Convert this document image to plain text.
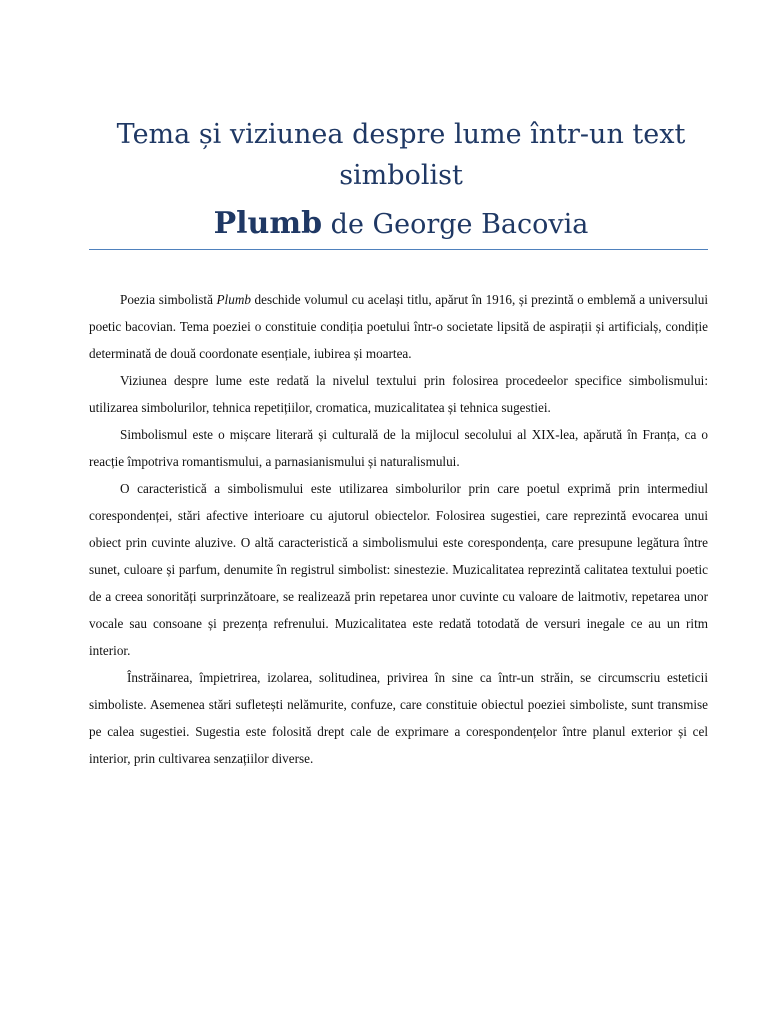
Tema și viziunea despre lume într-un text simbolist
Plumb de George Bacovia

Poezia simbolistă Plumb deschide volumul cu același titlu, apărut în 1916, și prezintă o emblemă a universului poetic bacovian. Tema poeziei o constituie condiția poetului într-o societate lipsită de aspirații și artificialș, condiție determinată de două coordonate esențiale, iubirea și moartea.

Viziunea despre lume este redată la nivelul textului prin folosirea procedeelor specifice simbolismului: utilizarea simbolurilor, tehnica repetițiilor, cromatica, muzicalitatea și tehnica sugestiei.

Simbolismul este o mișcare literară și culturală de la mijlocul secolului al XIX-lea, apărută în Franța, ca o reacție împotriva romantismului, a parnasianismului și naturalismului.

O caracteristică a simbolismului este utilizarea simbolurilor prin care poetul exprimă prin intermediul corespondenței, stări afective interioare cu ajutorul obiectelor. Folosirea sugestiei, care reprezintă evocarea unui obiect prin cuvinte aluzive. O altă caracteristică a simbolismului este corespondența, care presupune legătura între sunet, culoare și parfum, denumite în registrul simbolist: sinestezie. Muzicalitatea reprezintă calitatea textului poetic de a creea sonorități surprinzătoare, se realizează prin repetarea unor cuvinte cu valoare de laitmotiv, repetarea unor vocale sau consoane și prezența refrenului. Muzicalitatea este redată totodată de versuri inegale ce au un ritm interior.

Înstrăinarea, împietrirea, izolarea, solitudinea, privirea în sine ca într-un străin, se circumscriu esteticii simboliste. Asemenea stări sufletești nelămurite, confuze, care constituie obiectul poeziei simboliste, sunt transmise pe calea sugestiei. Sugestia este folosită drept cale de exprimare a corespondențelor între planul exterior și cel interior, prin cultivarea senzațiilor diverse.
